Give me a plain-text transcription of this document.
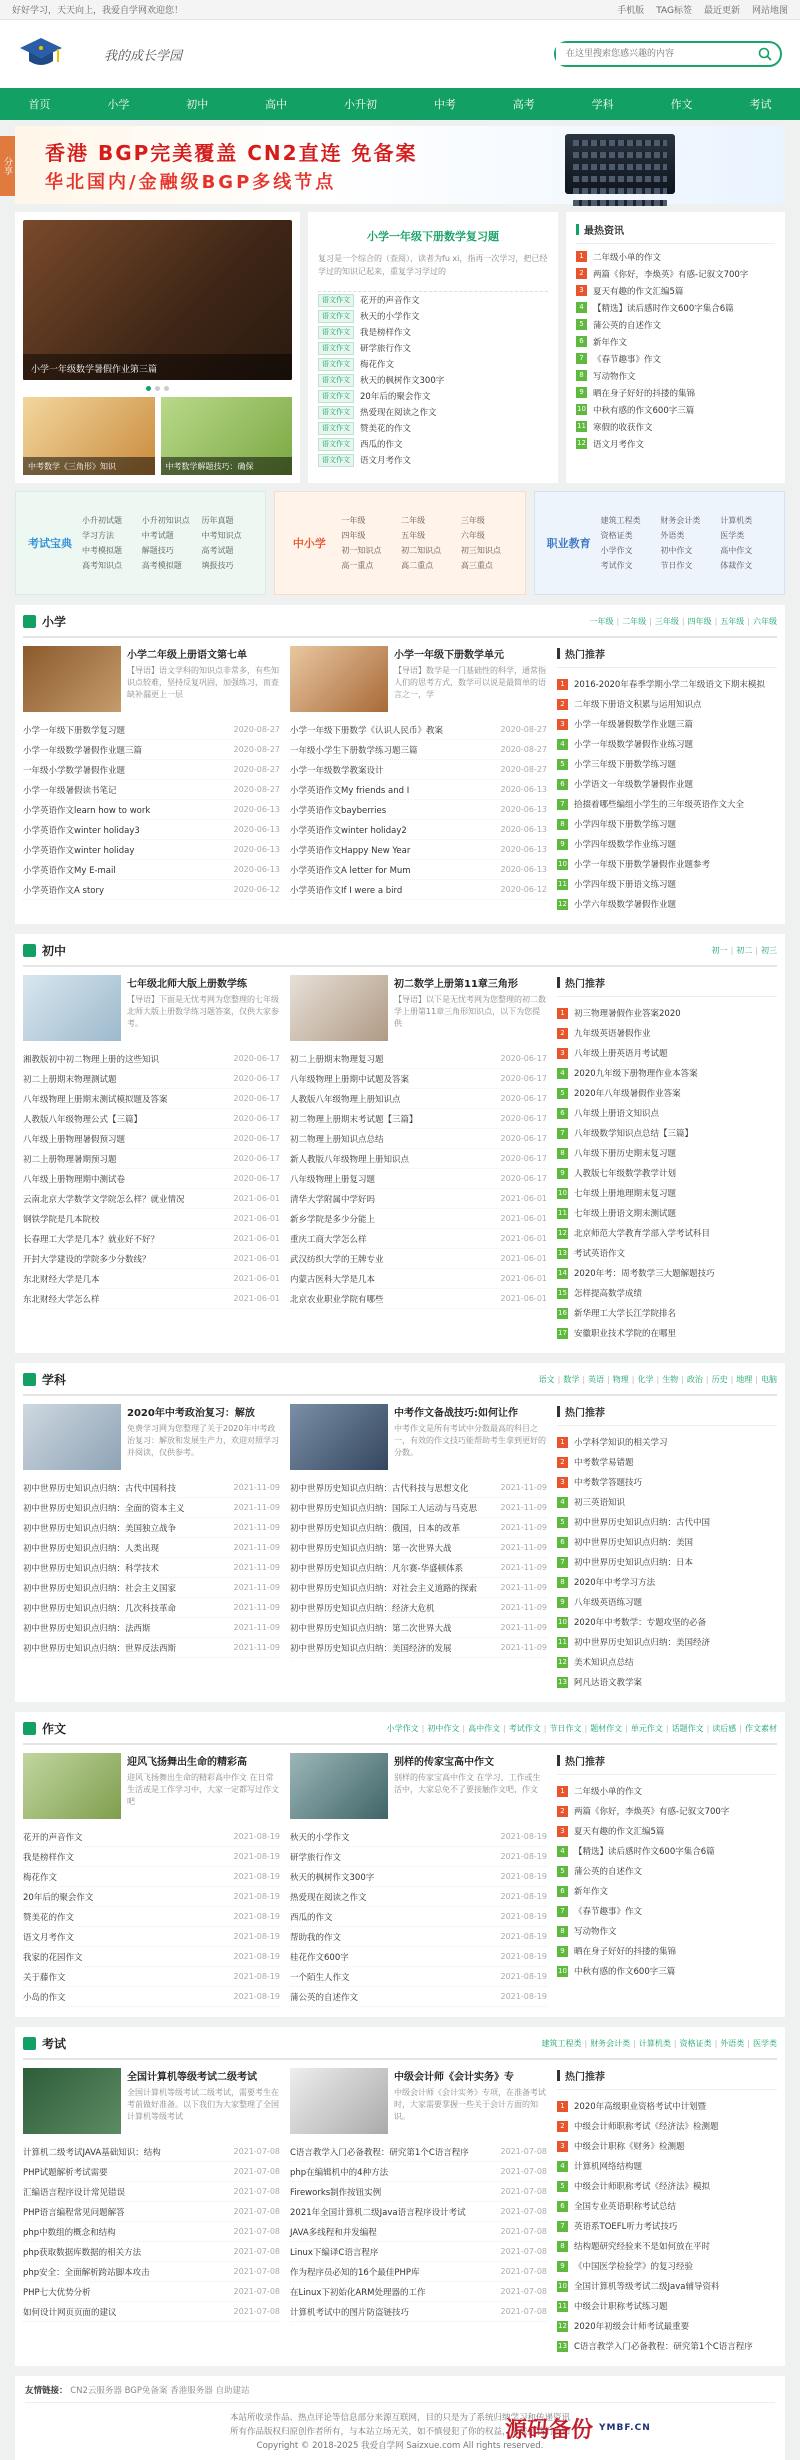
好好学习，天天向上，我爱自学网欢迎您！	手机版 TAG标签 最近更新 网站地图
我的成长学园
在这里搜索您感兴趣的内容
首页	小学	初中	高中	小升初	中考	高考	学科	作文	考试
分享
香港 BGP完美覆盖 CN2直连 免备案
华北国内/金融级BGP多线节点
小学一年级数学暑假作业第三篇
中考数学《三角形》知识	中考数学解题技巧：确保
小学一年级下册数学复习题
复习是一个综合的（查阅），读者为fu xi，指再一次学习，把已经学过的知识记起来，重复学习学过的
语文作文	花开的声音作文
语文作文	秋天的小学作文
语文作文	我是榜样作文
语文作文	研学旅行作文
语文作文	梅花作文
语文作文	秋天的枫树作文300字
语文作文	20年后的聚会作文
语文作文	热爱现在阅读之作文
语文作文	赞美花的作文
语文作文	西瓜的作文
语文作文	语文月考作文
最热资讯
1	二年级小单的作文
2	两篇《你好，李焕英》有感-记叙文700字
3	夏天有趣的作文汇编5篇
4	【精选】读后感时作文600字集合6篇
5	蒲公英的自述作文
6	新年作文
7	《春节趣事》作文
8	写动物作文
9	晒在身子好好的抖搂的集锦
10 中秋有感的作文600字三篇
11 寒假的收获作文
12 语文月考作文
考试宝典
小升初试题	小升初知识点	历年真题
学习方法	中考试题	中考知识点
中考模拟题	解题技巧	高考试题
高考知识点	高考模拟题	填报技巧
中小学
一年级	二年级	三年级
四年级	五年级	六年级
初一知识点	初二知识点	初三知识点
高一重点	高二重点	高三重点
职业教育
建筑工程类	财务会计类	计算机类
资格证类	外语类	医学类
小学作文	初中作文	高中作文
考试作文	节日作文	体裁作文
小学	一年级	| 二年级	| 三年级	| 四年级	| 五年级	| 六年级
小学二年级上册语文第七单

【导语】语文学科的知识点非常多，有些知识点较难，坚持反复巩固，加强练习，而查缺补漏更上一层

小学一年级下册数学复习题	2020-08-27
小学一年级数学暑假作业题三篇	2020-08-27
一年级小学数学暑假作业题	2020-08-27
小学一年级暑假读书笔记	2020-08-27
小学英语作文learn how to work	2020-06-13
小学英语作文winter holiday3	2020-06-13
小学英语作文winter holiday	2020-06-13
小学英语作文My E-mail	2020-06-13
小学英语作文A story	2020-06-12
小学一年级下册数学单元

【导语】数学是一门基础性的科学，通常指人们的思考方式，数学可以说是最简单的语言之一，学

小学一年级下册数学《认识人民币》教案	2020-08-27
一年级小学生下册数学练习题三篇	2020-08-27
小学一年级数学教案设计	2020-08-27
小学英语作文My friends and I	2020-06-13
小学英语作文bayberries	2020-06-13
小学英语作文winter holiday2	2020-06-13
小学英语作文Happy New Year	2020-06-13
小学英语作文A letter for Mum	2020-06-13
小学英语作文If I were a bird	2020-06-12
热门推荐
1	2016-2020年春季学期小学二年级语文下期末模拟
2	二年级下册语文积累与运用知识点
3	小学一年级暑假数学作业题三篇
4	小学一年级数学暑假作业练习题
5	小学三年级下册数学练习题
6	小学语文一年级数学暑假作业题
7	拾掇着哪些编组小学生的三年级英语作文大全
8	小学四年级下册数学练习题
9	小学四年级数学作业练习题
10 小学一年级下册数学暑假作业题参考
11 小学四年级下册语文练习题
12 小学六年级数学暑假作业题
初中	初一	| 初二	| 初三
七年级北师大版上册数学练

【导语】下面是无忧考网为您整理的七年级北师大版上册数学练习题答案，仅供大家参考。

湘教版初中初二物理上册的这些知识	2020-06-17
初二上册期末物理测试题	2020-06-17
八年级物理上册期末测试模拟题及答案	2020-06-17
人教版八年级物理公式【三篇】	2020-06-17
八年级上册物理暑假预习题	2020-06-17
初二上册物理暑期预习题	2020-06-17
八年级上册物理期中测试卷	2020-06-17
云南北京大学数学文学院怎么样？就业情况	2021-06-01
钢铁学院是几本院校	2021-06-01
长春理工大学是几本？就业好不好？	2021-06-01
开封大学建设的学院多少分数线？	2021-06-01
东北财经大学是几本	2021-06-01
东北财经大学怎么样	2021-06-01
初二数学上册第11章三角形

【导语】以下是无忧考网为您整理的初二数学上册第11章三角形知识点，以下为您提供

初二上册期末物理复习题	2020-06-17
八年级物理上册期中试题及答案	2020-06-17
人教版八年级物理上册知识点	2020-06-17
初二物理上册期末考试题【三篇】	2020-06-17
初二物理上册知识点总结	2020-06-17
新人教版八年级物理上册知识点	2020-06-17
八年级物理上册复习题	2020-06-17
清华大学附属中学好吗	2021-06-01
新乡学院是多少分能上	2021-06-01
重庆工商大学怎么样	2021-06-01
武汉纺织大学的王牌专业	2021-06-01
内蒙古医科大学是几本	2021-06-01
北京农业职业学院有哪些	2021-06-01
热门推荐
1	初三物理暑假作业答案2020
2	九年级英语暑假作业
3	八年级上册英语月考试题
4	2020九年级下册物理作业本答案
5	2020年八年级暑假作业答案
6	八年级上册语文知识点
7	八年级数学知识点总结【三篇】
8	八年级下册历史期末复习题
9	人教版七年级数学教学计划
10 七年级上册地理期末复习题
11 七年级上册语文期末测试题
12 北京师范大学教育学部入学考试科目
13 考试英语作文
14 2020年考：周考数学三大题解题技巧
15 怎样提高数学成绩
16 新华理工大学长江学院排名
17 安徽职业技术学院的在哪里
学科	语文	| 数学	| 英语	| 物理	| 化学	| 生物	| 政治	| 历史	| 地理	| 电脑
2020年中考政治复习：解放

免费学习网为您整理了关于2020年中考政治复习：解放和发展生产力，欢迎对照学习并阅读，仅供参考。

初中世界历史知识点归纳：古代中国科技	2021-11-09
初中世界历史知识点归纳：全面的资本主义	2021-11-09
初中世界历史知识点归纳：美国独立战争	2021-11-09
初中世界历史知识点归纳：人类出现	2021-11-09
初中世界历史知识点归纳：科学技术	2021-11-09
初中世界历史知识点归纳：社会主义国家	2021-11-09
初中世界历史知识点归纳：几次科技革命	2021-11-09
初中世界历史知识点归纳：法西斯	2021-11-09
初中世界历史知识点归纳：世界反法西斯	2021-11-09
中考作文备战技巧:如何让作

中考作文是所有考试中分数最高的科目之一，有效的作文技巧能帮助考生拿到更好的分数。

初中世界历史知识点归纳：古代科技与思想文化	2021-11-09
初中世界历史知识点归纳：国际工人运动与马克思	2021-11-09
初中世界历史知识点归纳：俄国，日本的改革	2021-11-09
初中世界历史知识点归纳：第一次世界大战	2021-11-09
初中世界历史知识点归纳：凡尔赛-华盛顿体系	2021-11-09
初中世界历史知识点归纳：对社会主义道路的探索	2021-11-09
初中世界历史知识点归纳：经济大危机	2021-11-09
初中世界历史知识点归纳：第二次世界大战	2021-11-09
初中世界历史知识点归纳：美国经济的发展	2021-11-09
热门推荐
1	小学科学知识的相关学习
2	中考数学易错题
3	中考数学答题技巧
4	初三英语知识
5	初中世界历史知识点归纳：古代中国
6	初中世界历史知识点归纳：美国
7	初中世界历史知识点归纳：日本
8	2020年中考学习方法
9	八年级英语练习题
10 2020年中考数学：专题攻坚的必备
11 初中世界历史知识点归纳：美国经济
12 美术知识点总结
13 阿凡达语文教学案
作文	小学作文	| 初中作文	| 高中作文	| 考试作文	| 节日作文	| 题材作文	| 单元作文	| 话题作文	| 读后感	| 作文素材
迎风飞扬舞出生命的精彩高

迎风飞扬舞出生命的精彩高中作文 在日常生活或是工作学习中，大家一定都写过作文吧

花开的声音作文	2021-08-19
我是榜样作文	2021-08-19
梅花作文	2021-08-19
20年后的聚会作文	2021-08-19
赞美花的作文	2021-08-19
语文月考作文	2021-08-19
我家的花园作文	2021-08-19
关于藤作文	2021-08-19
小岛的作文	2021-08-19
别样的传家宝高中作文

别样的传家宝高中作文 在学习、工作或生活中，大家总免不了要接触作文吧，作文

秋天的小学作文	2021-08-19
研学旅行作文	2021-08-19
秋天的枫树作文300字	2021-08-19
热爱现在阅读之作文	2021-08-19
西瓜的作文	2021-08-19
帮助我的作文	2021-08-19
桂花作文600字	2021-08-19
一个陌生人作文	2021-08-19
蒲公英的自述作文	2021-08-19
热门推荐
1	二年级小单的作文
2	两篇《你好，李焕英》有感-记叙文700字
3	夏天有趣的作文汇编5篇
4	【精选】读后感时作文600字集合6篇
5	蒲公英的自述作文
6	新年作文
7	《春节趣事》作文
8	写动物作文
9	晒在身子好好的抖搂的集锦
10 中秋有感的作文600字三篇
考试	建筑工程类	| 财务会计类	| 计算机类	| 资格证类	| 外语类	| 医学类
全国计算机等级考试二级考试

全国计算机等级考试二级考试，需要考生在考前做好准备。以下我们为大家整理了全国计算机等级考试

计算机二级考试JAVA基础知识：结构	2021-07-08
PHP试题解析考试需要	2021-07-08
汇编语言程序设计常见错误	2021-07-08
PHP语言编程常见问题解答	2021-07-08
php中数组的概念和结构	2021-07-08
php获取数据库数据的相关方法	2021-07-08
php安全：全面解析跨站脚本攻击	2021-07-08
PHP七大优势分析	2021-07-08
如何设计网页页面的建议	2021-07-08
中级会计师《会计实务》专

中级会计师《会计实务》专项，在准备考试时，大家需要掌握一些关于会计方面的知识。

C语言教学入门必备教程：研究第1个C语言程序	2021-07-08
php在编辑机中的4种方法	2021-07-08
Fireworks制作按钮实例	2021-07-08
2021年全国计算机二级Java语言程序设计考试	2021-07-08
JAVA多线程和并发编程	2021-07-08
Linux下编译C语言程序	2021-07-08
作为程序员必知的16个最佳PHP库	2021-07-08
在Linux下初始化ARM处理器的工作	2021-07-08
计算机考试中的图片防盗链技巧	2021-07-08
热门推荐
1	2020年高级职业资格考试中计划暨
2	中级会计师职称考试《经济法》检测题
3	中级会计职称《财务》检测题
4	计算机网络结构题
5	中级会计师职称考试《经济法》模拟
6	全国专业英语职称考试总结
7	英语系TOEFL听力考试技巧
8	结构题研究经验来不是如何放在平时
9	《中国医学检验学》的复习经验
10 全国计算机等级考试二级Java辅导资料
11 中级会计职称考试练习题
12 2020年初级会计师考试最重要
13 C语言教学入门必备教程：研究第1个C语言程序
友情链接： CN2云服务器 BGP免备案 香港服务器 自助建站
本站所收录作品、热点评论等信息部分来源互联网，目的只是为了系统归纳学习和传递资讯
所有作品版权归原创作者所有，与本站立场无关，如不慎侵犯了你的权益，请联系我们告知
Copyright © 2018-2025 我爱自学网 Saizxue.com All rights reserved.
源码备份 YMBF.CN
